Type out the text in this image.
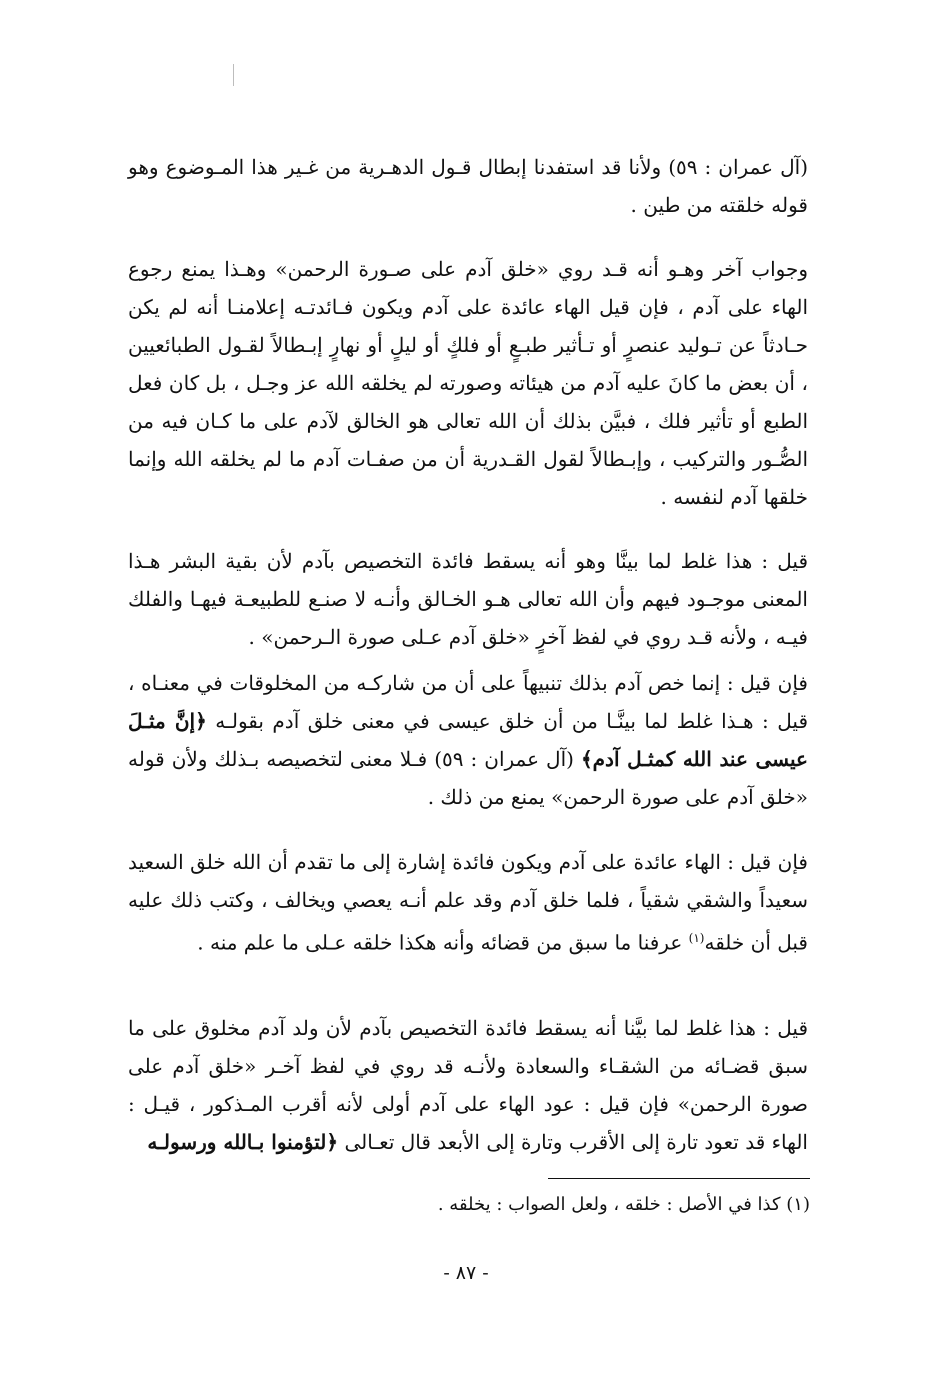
(آل عمران : ٥٩) ولأنا قد استفدنا إبطال قـول الدهـرية من غـير هذا المـوضوع وهو قوله خلقته من طين .

وجواب آخر وهـو أنه قـد روي «خلق آدم على صـورة الرحمن» وهـذا يمنع رجوع الهاء على آدم ، فإن قيل الهاء عائدة على آدم ويكون فـائدتـه إعلامنـا أنه لم يكن حـادثاً عن تـوليد عنصرٍ أو تـأثير طبـعٍ أو فلكٍ أو ليلٍ أو نهارٍ إبـطالاً لقـول الطبائعيين ، أن بعض ما كانَ عليه آدم من هيئاته وصورته لم يخلقه الله عز وجـل ، بل كان فعل الطبع أو تأثير فلك ، فبيَّن بذلك أن الله تعالى هو الخالق لآدم على ما كـان فيه من الصُّـور والتركيب ، وإبـطالاً لقول القـدرية أن من صفـات آدم ما لم يخلقه الله وإنما خلقها آدم لنفسه .

قيل : هذا غلط لما بينَّا وهو أنه يسقط فائدة التخصيص بآدم لأن بقية البشر هـذا المعنى موجـود فيهم وأن الله تعالى هـو الخـالق وأنـه لا صنـع للطبيعـة فيهـا والفلك فيـه ، ولأنه قـد روي في لفظ آخرٍ «خلق آدم عـلى صورة الـرحمن» .

فإن قيل : إنما خص آدم بذلك تنبيهاً على أن من شاركـه من المخلوقات في معنـاه ، قيل : هـذا غلط لما بينَّـا من أن خلق عيسى في معنى خلق آدم بقولـه ﴿إنَّ مثـلَ عيسى عند الله كمثـل آدم﴾ (آل عمران : ٥٩) فـلا معنى لتخصيصه بـذلك ولأن قوله «خلق آدم على صورة الرحمن» يمنع من ذلك .

فإن قيل : الهاء عائدة على آدم ويكون فائدة إشارة إلى ما تقدم أن الله خلق السعيد سعيداً والشقي شقياً ، فلما خلق آدم وقد علم أنـه يعصي ويخالف ، وكتب ذلك عليه قبل أن خلقه$^{(١)}$ عرفنا ما سبق من قضائه وأنه هكذا خلقه عـلى ما علم منه .

قيل : هذا غلط لما بيَّنا أنه يسقط فائدة التخصيص بآدم لأن ولد آدم مخلوق على ما سبق قضـائه من الشقـاء والسعادة ولأنـه قد روي في لفظ آخـر «خلق آدم على صورة الرحمن» فإن قيل : عود الهاء على آدم أولى لأنه أقرب المـذكور ، قيـل : الهاء قد تعود تارة إلى الأقرب وتارة إلى الأبعد قال تعـالى ﴿لتؤمنوا بـالله ورسولـه

(١) كذا في الأصل : خلقه ، ولعل الصواب : يخلقه .

- ٨٧ -
